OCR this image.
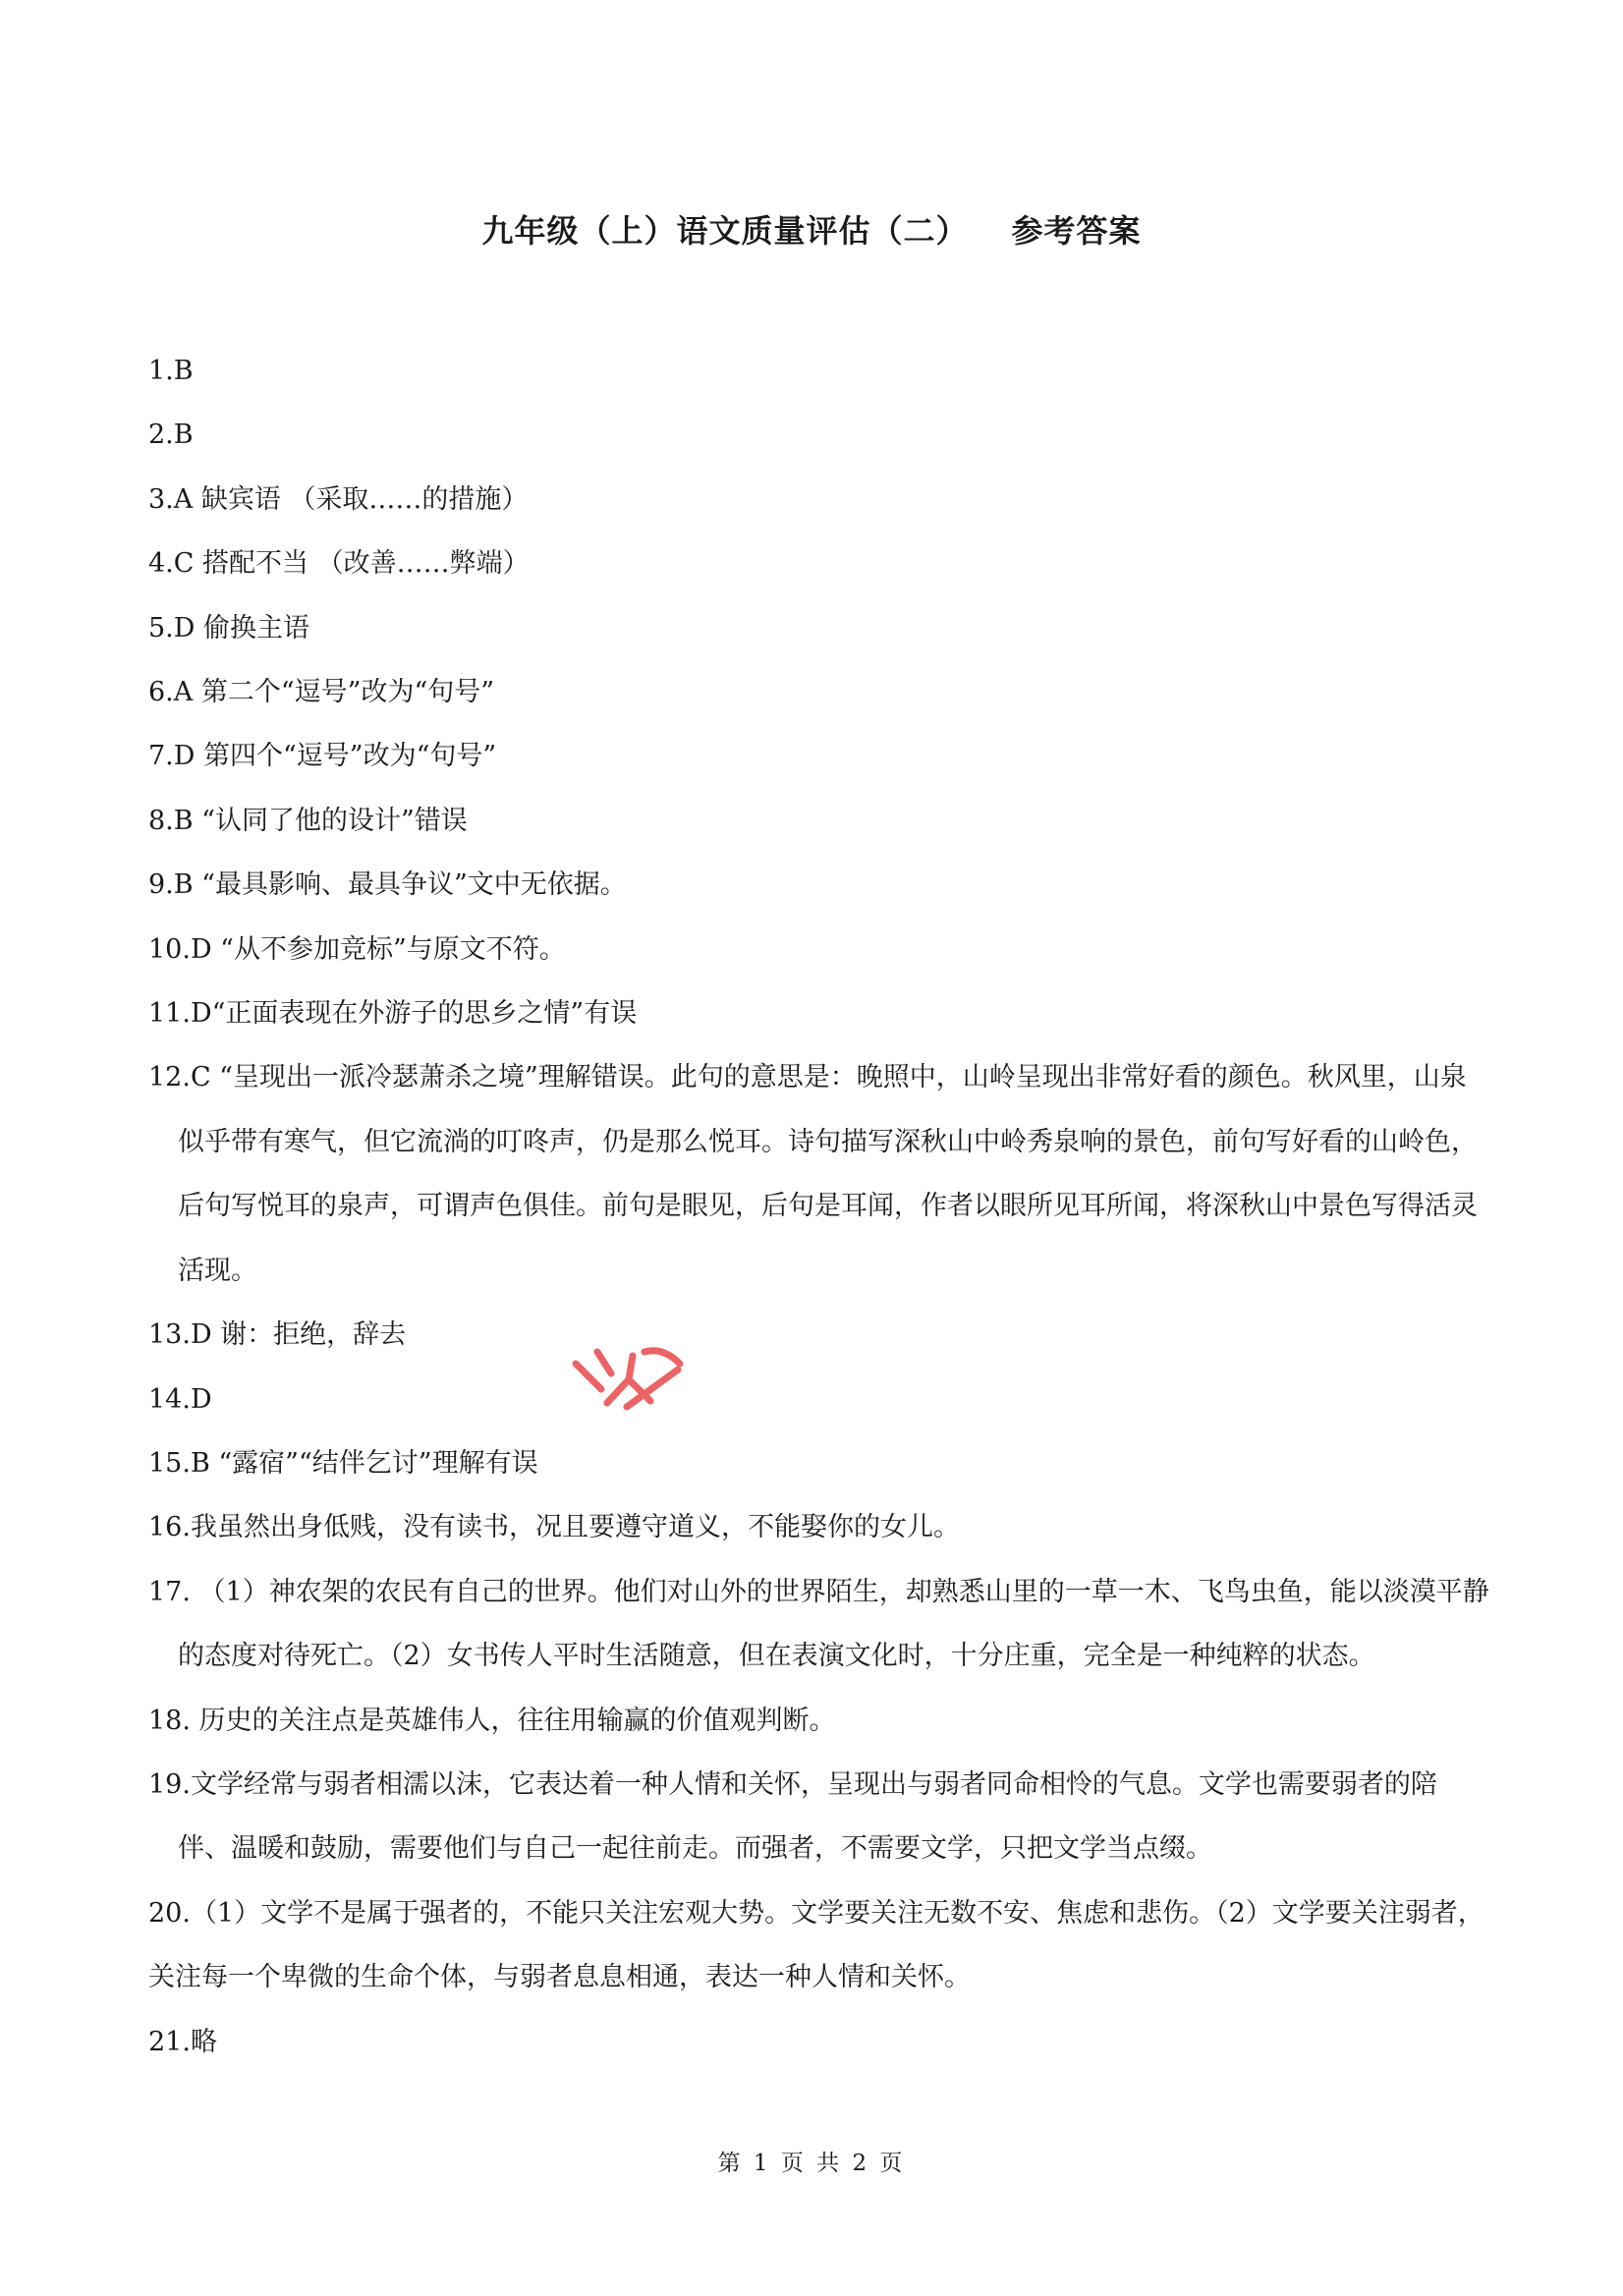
九年级（上）语文质量评估（二） 参考答案
1.B
2.B
3.A 缺宾语 （采取……的措施）
4.C 搭配不当 （改善……弊端）
5.D 偷换主语
6.A 第二个“逗号”改为“句号”
7.D 第四个“逗号”改为“句号”
8.B “认同了他的设计”错误
9.B “最具影响、最具争议”文中无依据。
10.D “从不参加竞标”与原文不符。
11.D“正面表现在外游子的思乡之情”有误
12.C “呈现出一派冷瑟萧杀之境”理解错误。此句的意思是：晚照中，山岭呈现出非常好看的颜色。秋风里，山泉似乎带有寒气，但它流淌的叮咚声，仍是那么悦耳。诗句描写深秋山中岭秀泉响的景色，前句写好看的山岭色，后句写悦耳的泉声，可谓声色俱佳。前句是眼见，后句是耳闻，作者以眼所见耳所闻，将深秋山中景色写得活灵活现。
13.D 谢：拒绝，辞去
14.D
15.B “露宿”“结伴乞讨”理解有误
16.我虽然出身低贱，没有读书，况且要遵守道义，不能娶你的女儿。
17. （1）神农架的农民有自己的世界。他们对山外的世界陌生，却熟悉山里的一草一木、飞鸟虫鱼，能以淡漠平静的态度对待死亡。（2）女书传人平时生活随意，但在表演文化时，十分庄重，完全是一种纯粹的状态。
18. 历史的关注点是英雄伟人，往往用输赢的价值观判断。
19.文学经常与弱者相濡以沫，它表达着一种人情和关怀，呈现出与弱者同命相怜的气息。文学也需要弱者的陪伴、温暖和鼓励，需要他们与自己一起往前走。而强者，不需要文学，只把文学当点缀。
20.（1）文学不是属于强者的，不能只关注宏观大势。文学要关注无数不安、焦虑和悲伤。（2）文学要关注弱者，关注每一个卑微的生命个体，与弱者息息相通，表达一种人情和关怀。
21.略
第 1 页 共 2 页
